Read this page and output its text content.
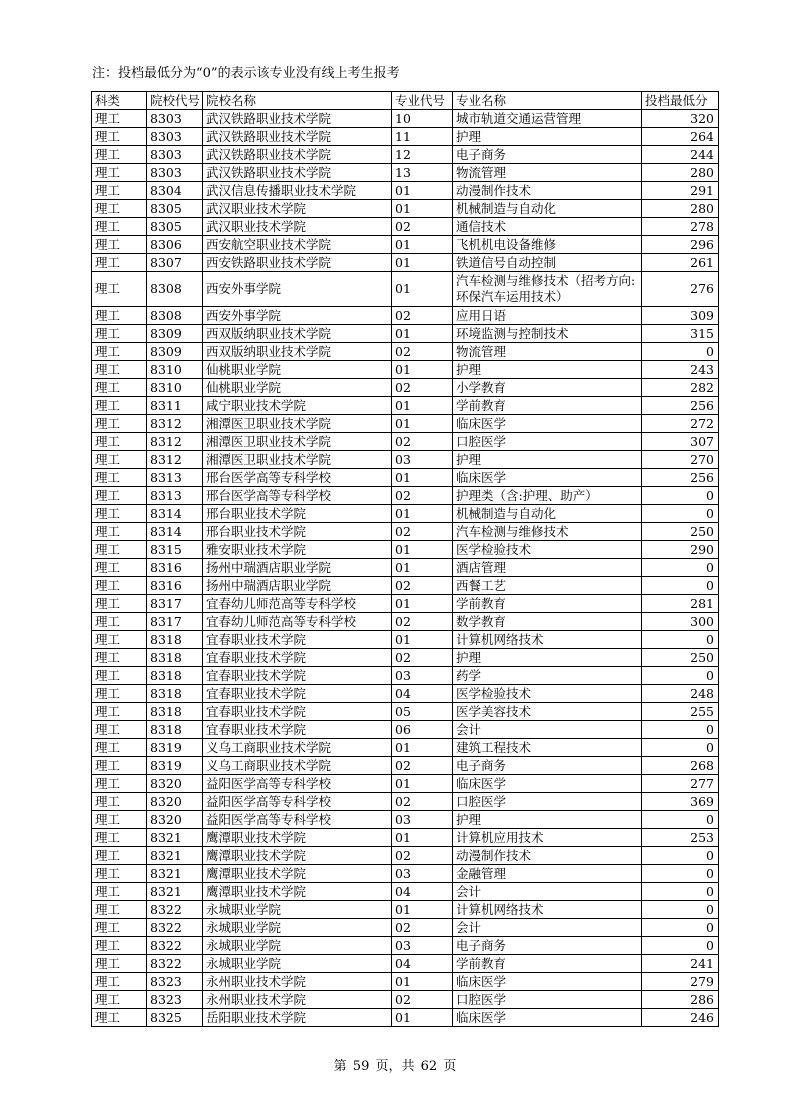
注：投档最低分为“0”的表示该专业没有线上考生报考
科类	院校代号	院校名称	专业代号	专业名称	投档最低分
理工	8303	武汉铁路职业技术学院	10	城市轨道交通运营管理	320
理工	8303	武汉铁路职业技术学院	11	护理	264
理工	8303	武汉铁路职业技术学院	12	电子商务	244
理工	8303	武汉铁路职业技术学院	13	物流管理	280
理工	8304	武汉信息传播职业技术学院	01	动漫制作技术	291
理工	8305	武汉职业技术学院	01	机械制造与自动化	280
理工	8305	武汉职业技术学院	02	通信技术	278
理工	8306	西安航空职业技术学院	01	飞机机电设备维修	296
理工	8307	西安铁路职业技术学院	01	铁道信号自动控制	261
理工	8308	西安外事学院	01	汽车检测与维修技术（招考方向:环保汽车运用技术）	276
理工	8308	西安外事学院	02	应用日语	309
理工	8309	西双版纳职业技术学院	01	环境监测与控制技术	315
理工	8309	西双版纳职业技术学院	02	物流管理	0
理工	8310	仙桃职业学院	01	护理	243
理工	8310	仙桃职业学院	02	小学教育	282
理工	8311	咸宁职业技术学院	01	学前教育	256
理工	8312	湘潭医卫职业技术学院	01	临床医学	272
理工	8312	湘潭医卫职业技术学院	02	口腔医学	307
理工	8312	湘潭医卫职业技术学院	03	护理	270
理工	8313	邢台医学高等专科学校	01	临床医学	256
理工	8313	邢台医学高等专科学校	02	护理类（含:护理、助产）	0
理工	8314	邢台职业技术学院	01	机械制造与自动化	0
理工	8314	邢台职业技术学院	02	汽车检测与维修技术	250
理工	8315	雅安职业技术学院	01	医学检验技术	290
理工	8316	扬州中瑞酒店职业学院	01	酒店管理	0
理工	8316	扬州中瑞酒店职业学院	02	西餐工艺	0
理工	8317	宜春幼儿师范高等专科学校	01	学前教育	281
理工	8317	宜春幼儿师范高等专科学校	02	数学教育	300
理工	8318	宜春职业技术学院	01	计算机网络技术	0
理工	8318	宜春职业技术学院	02	护理	250
理工	8318	宜春职业技术学院	03	药学	0
理工	8318	宜春职业技术学院	04	医学检验技术	248
理工	8318	宜春职业技术学院	05	医学美容技术	255
理工	8318	宜春职业技术学院	06	会计	0
理工	8319	义乌工商职业技术学院	01	建筑工程技术	0
理工	8319	义乌工商职业技术学院	02	电子商务	268
理工	8320	益阳医学高等专科学校	01	临床医学	277
理工	8320	益阳医学高等专科学校	02	口腔医学	369
理工	8320	益阳医学高等专科学校	03	护理	0
理工	8321	鹰潭职业技术学院	01	计算机应用技术	253
理工	8321	鹰潭职业技术学院	02	动漫制作技术	0
理工	8321	鹰潭职业技术学院	03	金融管理	0
理工	8321	鹰潭职业技术学院	04	会计	0
理工	8322	永城职业学院	01	计算机网络技术	0
理工	8322	永城职业学院	02	会计	0
理工	8322	永城职业学院	03	电子商务	0
理工	8322	永城职业学院	04	学前教育	241
理工	8323	永州职业技术学院	01	临床医学	279
理工	8323	永州职业技术学院	02	口腔医学	286
理工	8325	岳阳职业技术学院	01	临床医学	246
第 59 页，共 62 页
